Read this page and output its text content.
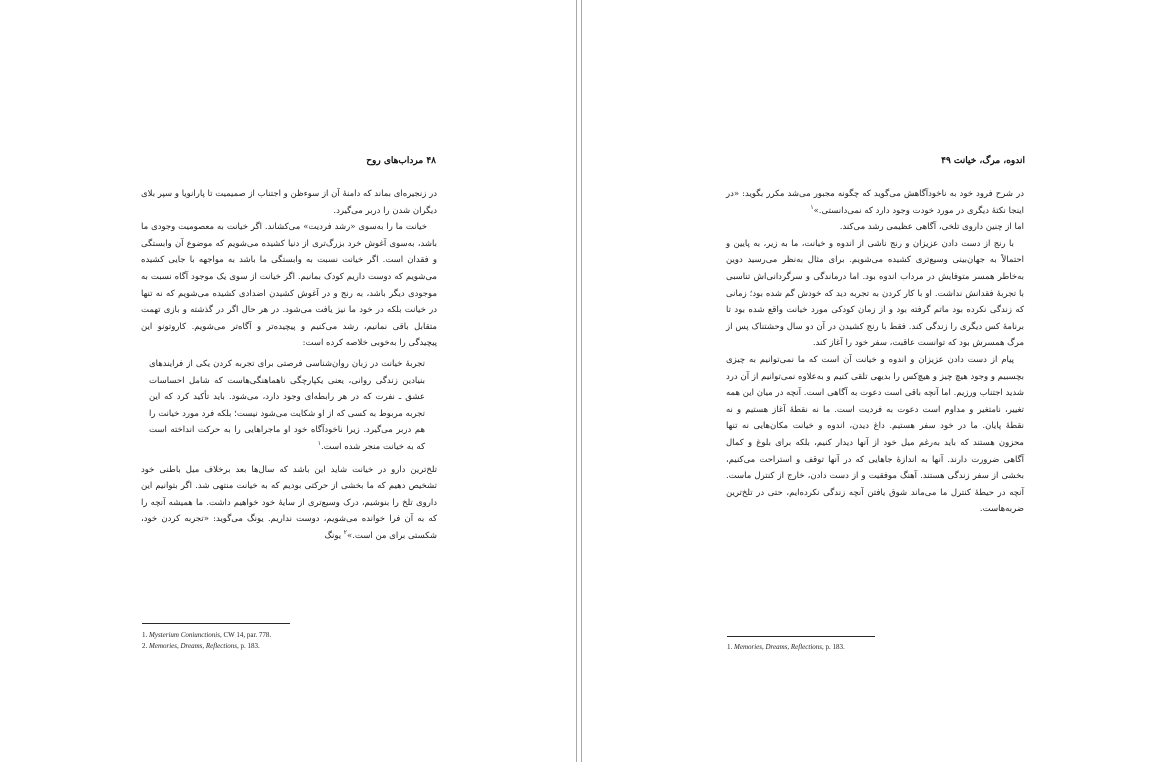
۴۸ مرداب‌های روح

در زنجیره‌ای بماند که دامنهٔ آن از سوءظن و اجتناب از صمیمیت تا پارانویا و سپر بلای دیگران شدن را دربر می‌گیرد.

خیانت ما را به‌سوی «رشد فردیت» می‌کشاند. اگر خیانت به معصومیت وجودی ما باشد، به‌سوی آغوش خرد بزرگ‌تری از دنیا کشیده می‌شویم که موضوع آن وابستگی و فقدان است. اگر خیانت نسبت به وابستگی ما باشد به مواجهه با جایی کشیده می‌شویم که دوست داریم کودک بمانیم. اگر خیانت از سوی یک موجود آگاه نسبت به موجودی دیگر باشد، به رنج و در آغوش کشیدن اضدادی کشیده می‌شویم که نه تنها در خیانت بلکه در خود ما نیز یافت می‌شود. در هر حال اگر در گذشته و بازی تهمت متقابل باقی نمانیم، رشد می‌کنیم و پیچیده‌تر و آگاه‌تر می‌شویم. کاروتونو این پیچیدگی را به‌خوبی خلاصه کرده است:

تجربهٔ خیانت در زبان روان‌شناسی فرصتی برای تجربه کردن یکی از فرایندهای بنیادین زندگی روانی، یعنی یکپارچگی ناهماهنگی‌هاست که شامل احساسات عشق ـ نفرت که در هر رابطه‌ای وجود دارد، می‌شود. باید تأکید کرد که این تجربه مربوط به کسی که از او شکایت می‌شود نیست؛ بلکه فرد مورد خیانت را هم دربر می‌گیرد. زیرا ناخودآگاه خود او ماجراهایی را به حرکت انداخته است که به خیانت منجر شده است.$^۱$

تلخ‌ترین دارو در خیانت شاید این باشد که سال‌ها بعد برخلاف میل باطنی خود تشخیص دهیم که ما بخشی از حرکتی بودیم که به خیانت منتهی شد. اگر بتوانیم این داروی تلخ را بنوشیم، درک وسیع‌تری از سایهٔ خود خواهیم داشت. ما همیشه آنچه را که به آن فرا خوانده می‌شویم، دوست نداریم. یونگ می‌گوید: «تجربه کردن خود، شکستی برای من است.»$^۲$ یونگ

1. Mysterium Coniunctionis, CW 14, par. 778.
2. Memories, Dreams, Reflections, p. 183.
اندوه، مرگ، خیانت ۴۹

در شرح فرود خود به ناخودآگاهش می‌گوید که چگونه مجبور می‌شد مکرر بگوید: «در اینجا نکتهٔ دیگری در مورد خودت وجود دارد که نمی‌دانستی.»$^۱$

اما از چنین داروی تلخی، آگاهی عظیمی رشد می‌کند.

با رنج از دست دادن عزیزان و رنج ناشی از اندوه و خیانت، ما به زیر، به پایین و احتمالاً به جهان‌بینی وسیع‌تری کشیده می‌شویم. برای مثال به‌نظر می‌رسید دوین به‌خاطر همسر متوفایش در مرداب اندوه بود. اما درماندگی و سرگردانی‌اش تناسبی با تجربهٔ فقدانش نداشت. او با کار کردن به تجربه دید که خودش گم شده بود؛ زمانی که زندگی نکرده بود ماتم گرفته بود و از زمان کودکی مورد خیانت واقع شده بود تا برنامهٔ کس دیگری را زندگی کند. فقط با رنج کشیدن در آن دو سال وحشتناک پس از مرگ همسرش بود که توانست عاقبت، سفر خود را آغاز کند.

پیام از دست دادن عزیزان و اندوه و خیانت آن است که ما نمی‌توانیم به چیزی بچسبیم و وجود هیچ چیز و هیچ‌کس را بدیهی تلقی کنیم و به‌علاوه نمی‌توانیم از آن درد شدید اجتناب ورزیم. اما آنچه باقی است دعوت به آگاهی است. آنچه در میان این همه تغییر، نامتغیر و مداوم است دعوت به فردیت است. ما نه نقطهٔ آغاز هستیم و نه نقطهٔ پایان. ما در خود سفر هستیم. داغ دیدن، اندوه و خیانت مکان‌هایی نه تنها محزون هستند که باید به‌رغم میل خود از آنها دیدار کنیم، بلکه برای بلوغ و کمال آگاهی ضرورت دارند. آنها به اندازهٔ جاهایی که در آنها توقف و استراحت می‌کنیم، بخشی از سفر زندگی هستند. آهنگ موفقیت و از دست دادن، خارج از کنترل ماست. آنچه در حیطهٔ کنترل ما می‌ماند شوق یافتن آنچه زندگی نکرده‌ایم، حتی در تلخ‌ترین ضربه‌هاست.

1. Memories, Dreams, Reflections, p. 183.
